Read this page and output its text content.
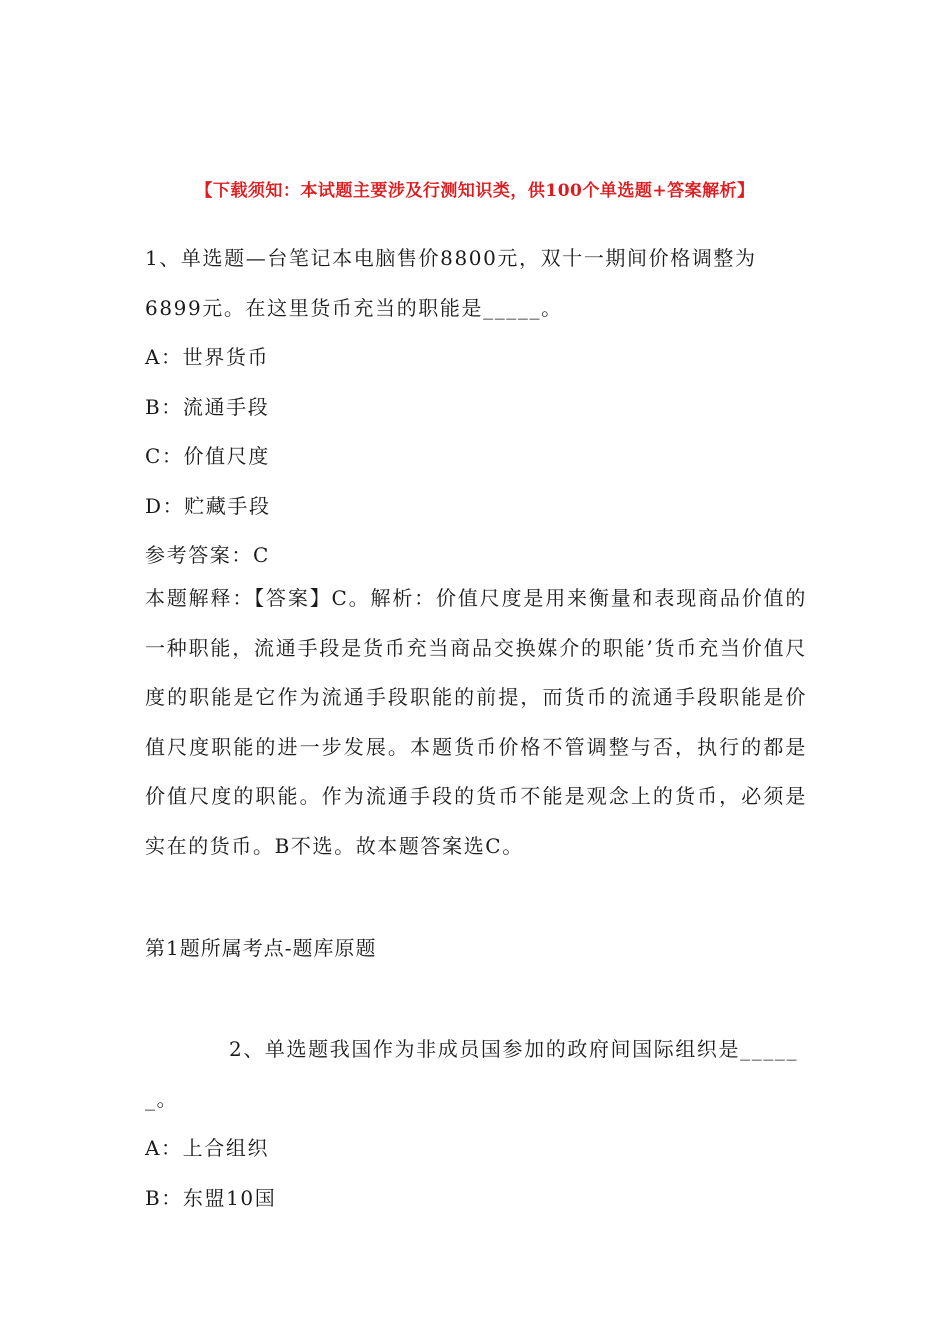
【下载须知：本试题主要涉及行测知识类，供100个单选题+答案解析】
1、单选题—台笔记本电脑售价8800元，双十一期间价格调整为
6899元。在这里货币充当的职能是_____。
A：世界货币
B：流通手段
C：价值尺度
D：贮藏手段
参考答案：C
本题解释：【答案】C。解析：价值尺度是用来衡量和表现商品价值的一种职能，流通手段是货币充当商品交换媒介的职能’货币充当价值尺度的职能是它作为流通手段职能的前提，而货币的流通手段职能是价值尺度职能的进一步发展。本题货币价格不管调整与否，执行的都是价值尺度的职能。作为流通手段的货币不能是观念上的货币，必须是实在的货币。B不选。故本题答案选C。
第1题所属考点-题库原题
2、单选题我国作为非成员国参加的政府间国际组织是______。
A：上合组织
B：东盟10国
